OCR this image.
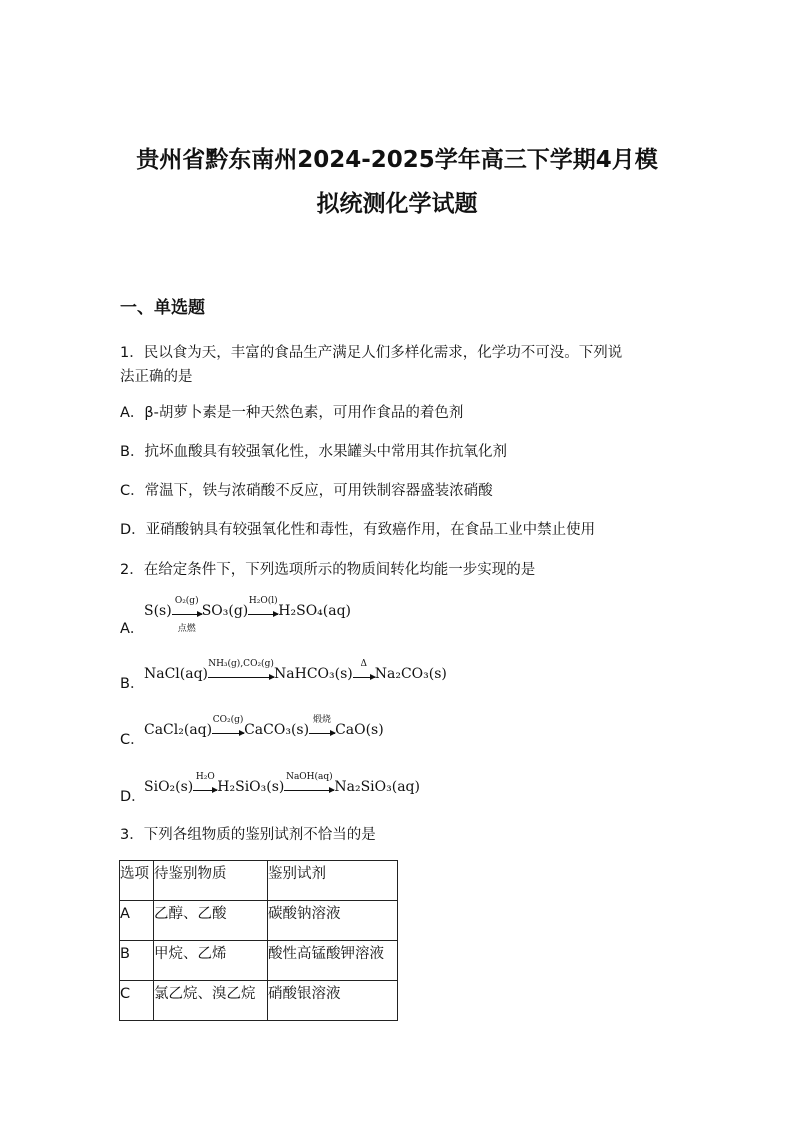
贵州省黔东南州2024-2025学年高三下学期4月模
拟统测化学试题
一、单选题
1．民以食为天，丰富的食品生产满足人们多样化需求，化学功不可没。下列说
法正确的是
A．β-胡萝卜素是一种天然色素，可用作食品的着色剂
B．抗坏血酸具有较强氧化性，水果罐头中常用其作抗氧化剂
C．常温下，铁与浓硝酸不反应，可用铁制容器盛装浓硝酸
D．亚硝酸钠具有较强氧化性和毒性，有致癌作用，在食品工业中禁止使用
2．在给定条件下，下列选项所示的物质间转化均能一步实现的是
A．
S(s)
O₂(g)
点燃
SO₃(g)
H₂O(l)
H₂SO₄(aq)
B．
NaCl(aq)
NH₃(g),CO₂(g)
NaHCO₃(s)
Δ
Na₂CO₃(s)
C．
CaCl₂(aq)
CO₂(g)
CaCO₃(s)
煅烧
CaO(s)
D．
SiO₂(s)
H₂O
H₂SiO₃(s)
NaOH(aq)
Na₂SiO₃(aq)
3．下列各组物质的鉴别试剂不恰当的是
选项	待鉴别物质	鉴别试剂
A	乙醇、乙酸	碳酸钠溶液
B	甲烷、乙烯	酸性高锰酸钾溶液
C	氯乙烷、溴乙烷	硝酸银溶液
